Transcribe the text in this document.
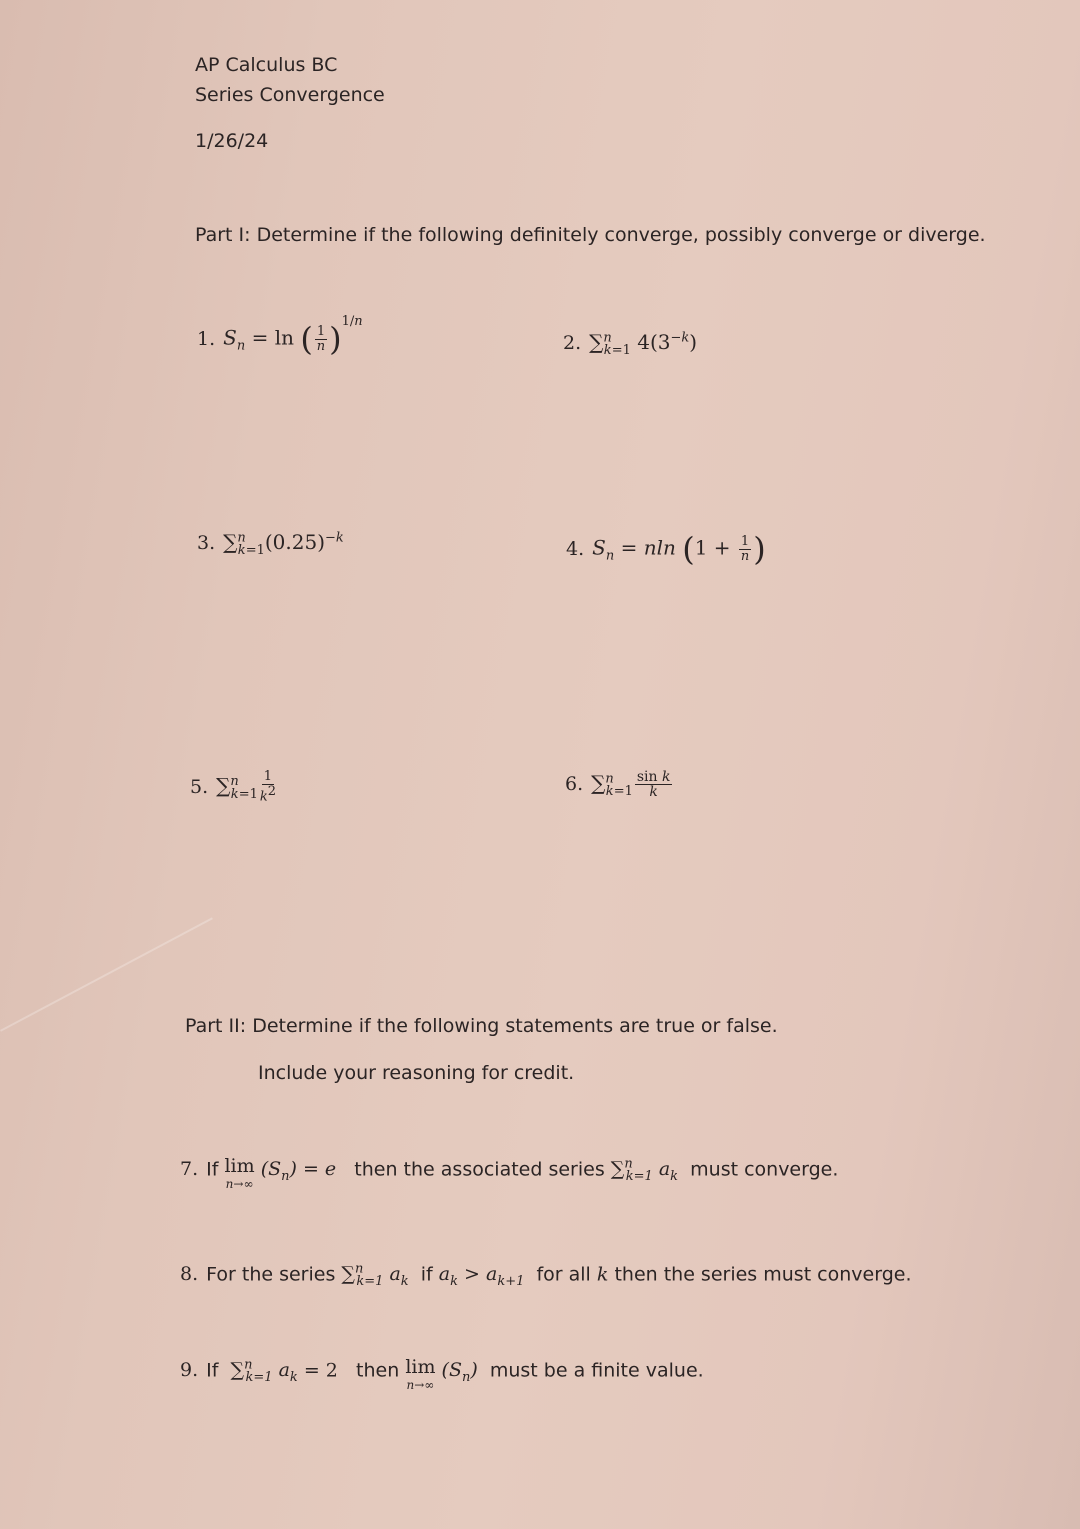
AP Calculus BC
Series Convergence
1/26/24
Part I: Determine if the following definitely converge, possibly converge or diverge.
1. $S_n = \ln$ ( $\frac{1}{n} )^{1/n}$
2. ∑$^n_{k=1}$ $4(3^{-k})$
3. $\sum^n_{k=1}(0.25)^{-k}$	4. $S_n = nln$ ($1 + \frac{1}{n}$ )
5. $\sum^n_{k=1} \frac{1}{k^2}$	6. $\sum^n_{k=1} \frac{\text{sin k}}{k}$
Part II: Determine if the following statements are true or false.
Include your reasoning for credit.
7. If lim
n→∞
$(S_n) = e$ then the associated series ∑$^n_{k=1}$ $a_k$ must converge.
8. For the series ∑$^n_{k=1}$ $a_k$ if $a_k > a_{k+1}$ for all k then the series must converge.
9. If ∑$^n_{k=1}$ $a_k = 2$ then lim
n→∞
$(S_n)$ must be a finite value.
